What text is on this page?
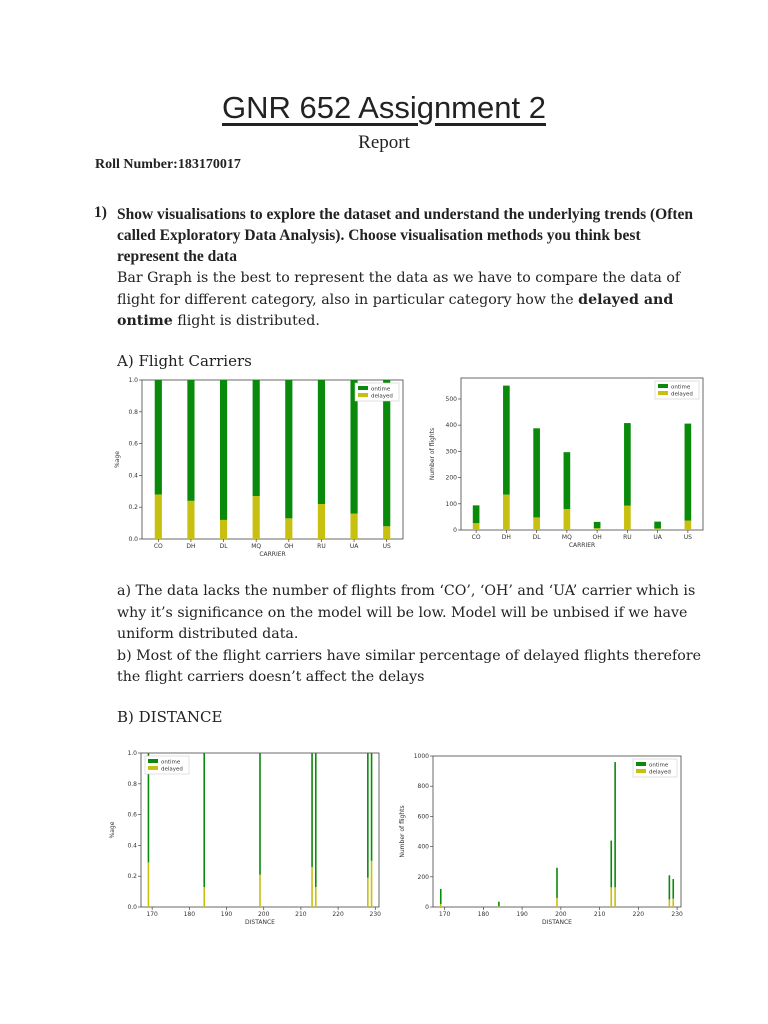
GNR 652 Assignment 2
Report
Roll Number:183170017
1) Show visualisations to explore the dataset and understand the underlying trends (Often called Exploratory Data Analysis). Choose visualisation methods you think best represent the data
Bar Graph is the best to represent the data as we have to compare the data of flight for different category, also in particular category how the delayed and ontime flight is distributed.
A) Flight Carriers
0.0
0.2
0.4
0.6
0.8
1.0
CARRIER
%age
CO	DH	DL	MQ	OH	RU	UA	US
ontime
delayed
0
100
200
300
400
500
CARRIER
Number of flights
CO	DH	DL	MQ	OH	RU	UA	US
ontime
delayed

a) The data lacks the number of flights from ‘CO’, ‘OH’ and ‘UA’ carrier which is why it’s significance on the model will be low. Model will be unbised if we have uniform distributed data.

b) Most of the flight carriers have similar percentage of delayed flights therefore the flight carriers doesn’t affect the delays

B) DISTANCE
0.0
0.2
0.4
0.6
0.8
1.0
DISTANCE
%age
170	180	190	200	210	220	230
ontime
delayed
0
200
400
600
800
1000
DISTANCE
Number of flights
170	180	190	200	210	220	230
ontime
delayed
